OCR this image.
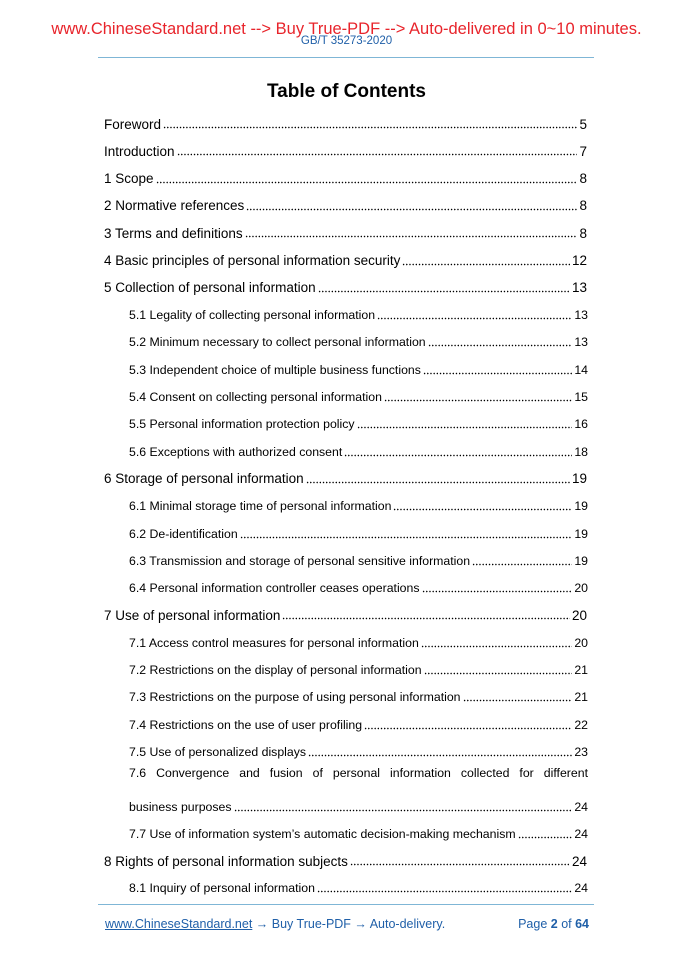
www.ChineseStandard.net --> Buy True-PDF --> Auto-delivered in 0~10 minutes.
GB/T 35273-2020
Table of Contents
Foreword	5
Introduction	7
1 Scope	8
2 Normative references	8
3 Terms and definitions	8
4 Basic principles of personal information security	12
5 Collection of personal information	13
5.1 Legality of collecting personal information	13
5.2 Minimum necessary to collect personal information	13
5.3 Independent choice of multiple business functions	14
5.4 Consent on collecting personal information	15
5.5 Personal information protection policy	16
5.6 Exceptions with authorized consent	18
6 Storage of personal information	19
6.1 Minimal storage time of personal information	19
6.2 De-identification	19
6.3 Transmission and storage of personal sensitive information	19
6.4 Personal information controller ceases operations	20
7 Use of personal information	20
7.1 Access control measures for personal information	20
7.2 Restrictions on the display of personal information	21
7.3 Restrictions on the purpose of using personal information	21
7.4 Restrictions on the use of user profiling	22
7.5 Use of personalized displays	23
7.6 Convergence and fusion of personal information collected for different
business purposes	24
7.7 Use of information system’s automatic decision-making mechanism	24
8 Rights of personal information subjects	24
8.1 Inquiry of personal information	24
www.ChineseStandard.net → Buy True-PDF → Auto-delivery.	Page 2 of 64
